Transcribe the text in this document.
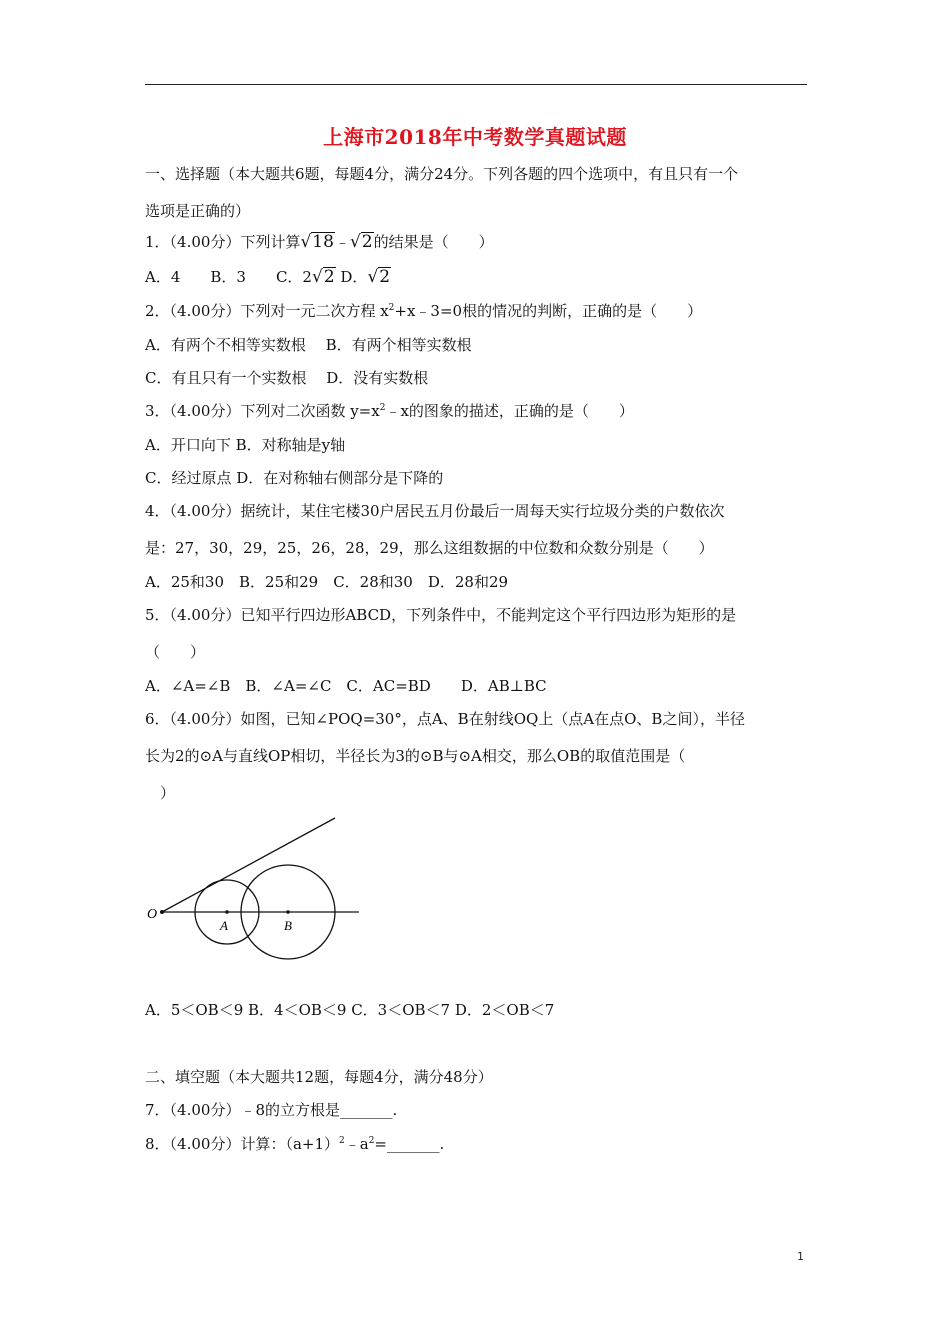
上海市2018年中考数学真题试题
一、选择题（本大题共6题，每题4分，满分24分。下列各题的四个选项中，有且只有一个
选项是正确的）
1．（4.00分）下列计算√18﹣√2的结果是（　　）
A．4　　B．3　　C．2√2 D．√2
2．（4.00分）下列对一元二次方程 $x^2+x﹣3=0$根的情况的判断，正确的是（　　）
A．有两个不相等实数根　 B．有两个相等实数根
C．有且只有一个实数根　 D．没有实数根
3．（4.00分）下列对二次函数 $y=x^2﹣x$的图象的描述，正确的是（　　）
A．开口向下 B．对称轴是y轴
C．经过原点 D．在对称轴右侧部分是下降的
4．（4.00分）据统计，某住宅楼30户居民五月份最后一周每天实行垃圾分类的户数依次
是：27，30，29，25，26，28，29，那么这组数据的中位数和众数分别是（　　）
A．25和30　B．25和29　C．28和30　D．28和29
5．（4.00分）已知平行四边形ABCD，下列条件中，不能判定这个平行四边形为矩形的是
（　　）
A．∠A=∠B　B．∠A=∠C　C．AC=BD　　D．AB⊥BC
6．（4.00分）如图，已知∠POQ=30°，点A、B在射线OQ上（点A在点O、B之间），半径
长为2的⊙A与直线OP相切，半径长为3的⊙B与⊙A相交，那么OB的取值范围是（
　）
O
A	B
A．5＜OB＜9 B．4＜OB＜9 C．3＜OB＜7 D．2＜OB＜7
二、填空题（本大题共12题，每题4分，满分48分）
7．（4.00分）﹣8的立方根是_______.
8．（4.00分）计算：$(a+1)^2﹣a^2=\_\_\_\_\_\_\_$.
1
